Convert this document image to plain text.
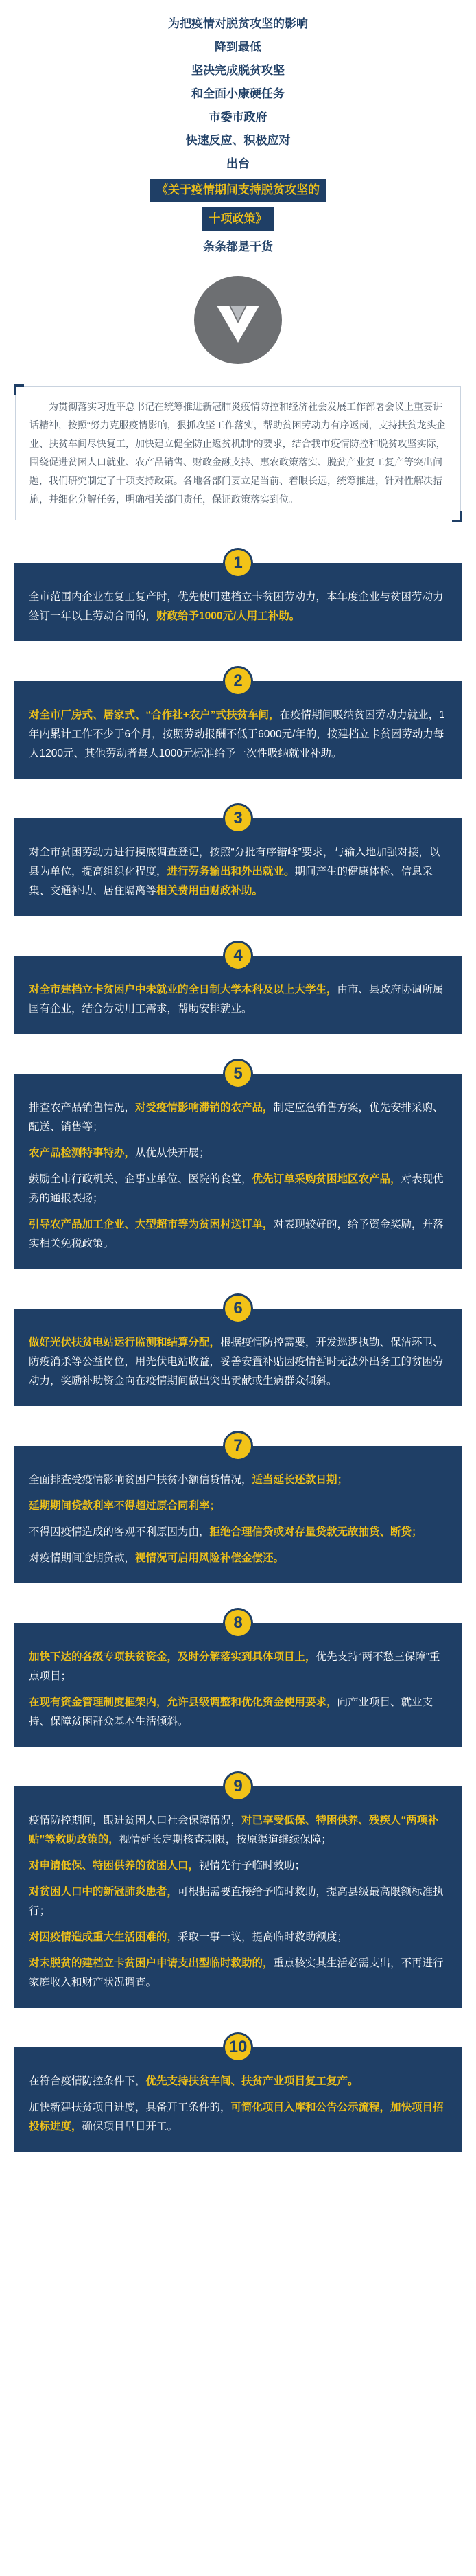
为把疫情对脱贫攻坚的影响
降到最低
坚决完成脱贫攻坚
和全面小康硬任务
市委市政府
快速反应、积极应对
出台
《关于疫情期间支持脱贫攻坚的
十项政策》
条条都是干货

为贯彻落实习近平总书记在统筹推进新冠肺炎疫情防控和经济社会发展工作部署会议上重要讲话精神，按照“努力克服疫情影响，狠抓攻坚工作落实，帮助贫困劳动力有序返岗，支持扶贫龙头企业、扶贫车间尽快复工，加快建立健全防止返贫机制”的要求，结合我市疫情防控和脱贫攻坚实际，围绕促进贫困人口就业、农产品销售、财政金融支持、惠农政策落实、脱贫产业复工复产等突出问题，我们研究制定了十项支持政策。各地各部门要立足当前、着眼长远，统筹推进，针对性解决措施，并细化分解任务，明确相关部门责任，保证政策落实到位。

1

全市范围内企业在复工复产时，优先使用建档立卡贫困劳动力，本年度企业与贫困劳动力签订一年以上劳动合同的，财政给予1000元/人用工补助。

2

对全市厂房式、居家式、“合作社+农户”式扶贫车间，在疫情期间吸纳贫困劳动力就业，1年内累计工作不少于6个月，按照劳动报酬不低于6000元/年的，按建档立卡贫困劳动力每人1200元、其他劳动者每人1000元标准给予一次性吸纳就业补助。

3

对全市贫困劳动力进行摸底调查登记，按照“分批有序错峰”要求，与输入地加强对接，以县为单位，提高组织化程度，进行劳务输出和外出就业。期间产生的健康体检、信息采集、交通补助、居住隔离等相关费用由财政补助。

4

对全市建档立卡贫困户中未就业的全日制大学本科及以上大学生，由市、县政府协调所属国有企业，结合劳动用工需求，帮助安排就业。

5

排查农产品销售情况，对受疫情影响滞销的农产品，制定应急销售方案，优先安排采购、配送、销售等；

农产品检测特事特办，从优从快开展；

鼓励全市行政机关、企事业单位、医院的食堂，优先订单采购贫困地区农产品，对表现优秀的通报表扬；

引导农产品加工企业、大型超市等为贫困村送订单，对表现较好的，给予资金奖励，并落实相关免税政策。

6

做好光伏扶贫电站运行监测和结算分配，根据疫情防控需要，开发巡逻执勤、保洁环卫、防疫消杀等公益岗位，用光伏电站收益，妥善安置补贴因疫情暂时无法外出务工的贫困劳动力，奖励补助资金向在疫情期间做出突出贡献或生病群众倾斜。

7

全面排查受疫情影响贫困户扶贫小额信贷情况，适当延长还款日期；

延期期间贷款利率不得超过原合同利率；

不得因疫情造成的客观不利原因为由，拒绝合理信贷或对存量贷款无故抽贷、断贷；

对疫情期间逾期贷款，视情况可启用风险补偿金偿还。

8

加快下达的各级专项扶贫资金，及时分解落实到具体项目上，优先支持“两不愁三保障”重点项目；

在现有资金管理制度框架内，允许县级调整和优化资金使用要求，向产业项目、就业支持、保障贫困群众基本生活倾斜。

9

疫情防控期间，跟进贫困人口社会保障情况，对已享受低保、特困供养、残疾人“两项补贴”等救助政策的，视情延长定期核查期限，按原渠道继续保障；

对申请低保、特困供养的贫困人口，视情先行予临时救助；

对贫困人口中的新冠肺炎患者，可根据需要直接给予临时救助，提高县级最高限额标准执行；

对因疫情造成重大生活困难的，采取一事一议，提高临时救助额度；

对未脱贫的建档立卡贫困户申请支出型临时救助的，重点核实其生活必需支出，不再进行家庭收入和财产状况调查。

10

在符合疫情防控条件下，优先支持扶贫车间、扶贫产业项目复工复产。

加快新建扶贫项目进度，具备开工条件的，可简化项目入库和公告公示流程，加快项目招投标进度，确保项目早日开工。
